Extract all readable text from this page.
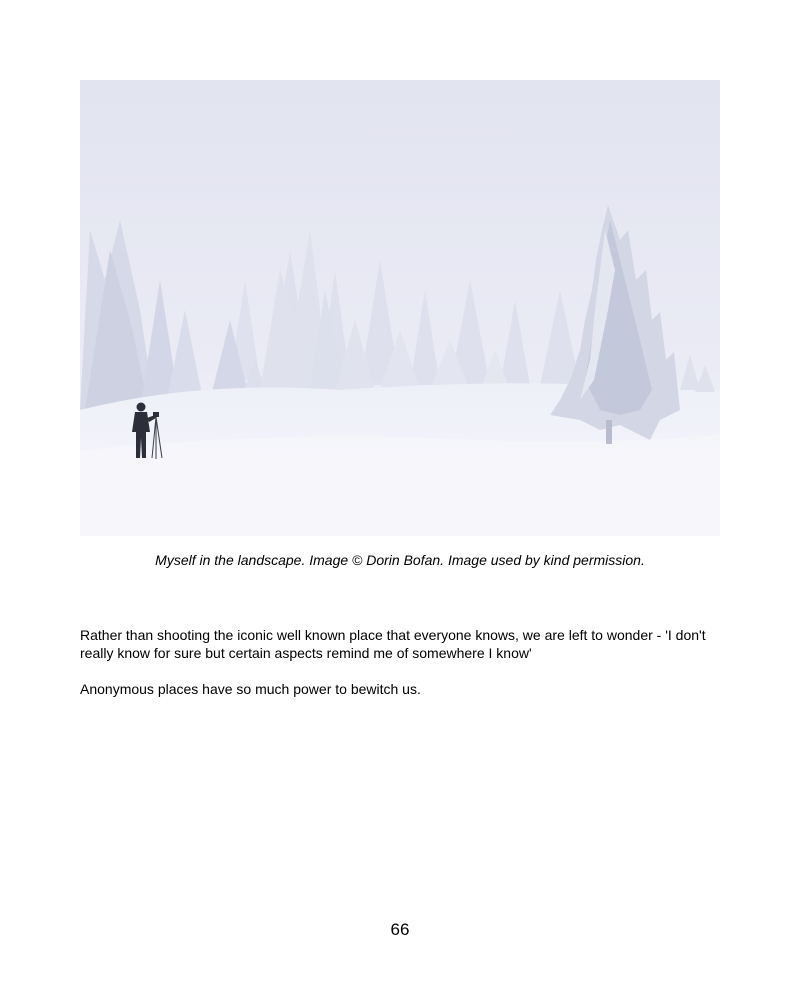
Myself in the landscape. Image © Dorin Bofan. Image used by kind permission.

Rather than shooting the iconic well known place that everyone knows, we are left to wonder - 'I don't really know for sure but certain aspects remind me of somewhere I know'

Anonymous places have so much power to bewitch us.

66
